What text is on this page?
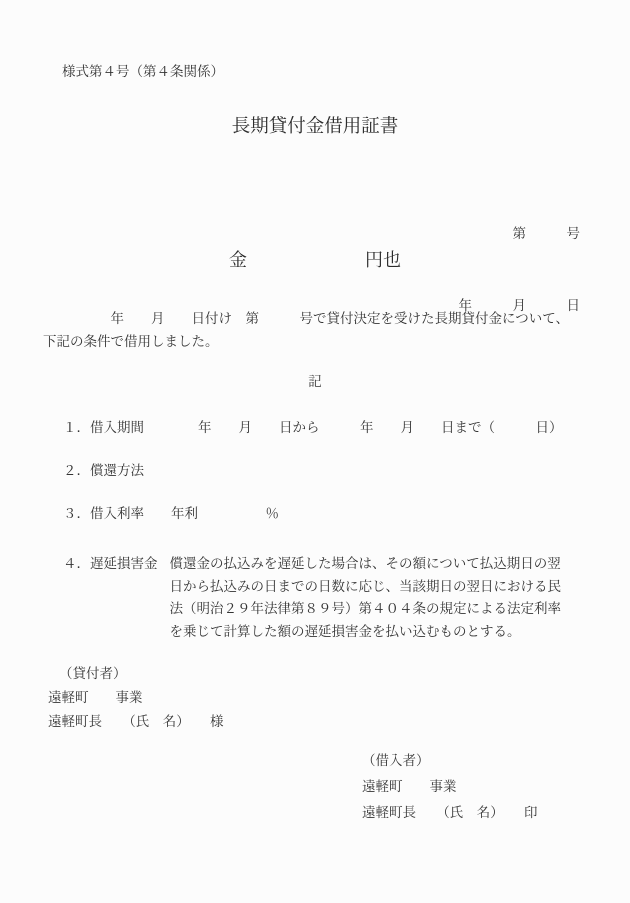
様式第４号（第４条関係）
長期貸付金借用証書

第　　　号

年　　　月　　　日

金	円也
　　　　　年　　月　　日付け　第　　　号で貸付決定を受けた長期貸付金について、
下記の条件で借用しました。
記
１．借入期間　　　　年　　月　　日から　　　年　　月　　日まで（　　　日）
２．償還方法
３．借入利率　　年利　　　　　％
４．遅延損害金 償還金の払込みを遅延した場合は、その額について払込期日の翌
日から払込みの日までの日数に応じ、当該期日の翌日における民
法（明治２９年法律第８９号）第４０４条の規定による法定利率
を乗じて計算した額の遅延損害金を払い込むものとする。
（貸付者）
遠軽町　　事業
遠軽町長　　（氏　名）　　様
（借入者）
遠軽町　　事業
遠軽町長　　（氏　名）　　印
